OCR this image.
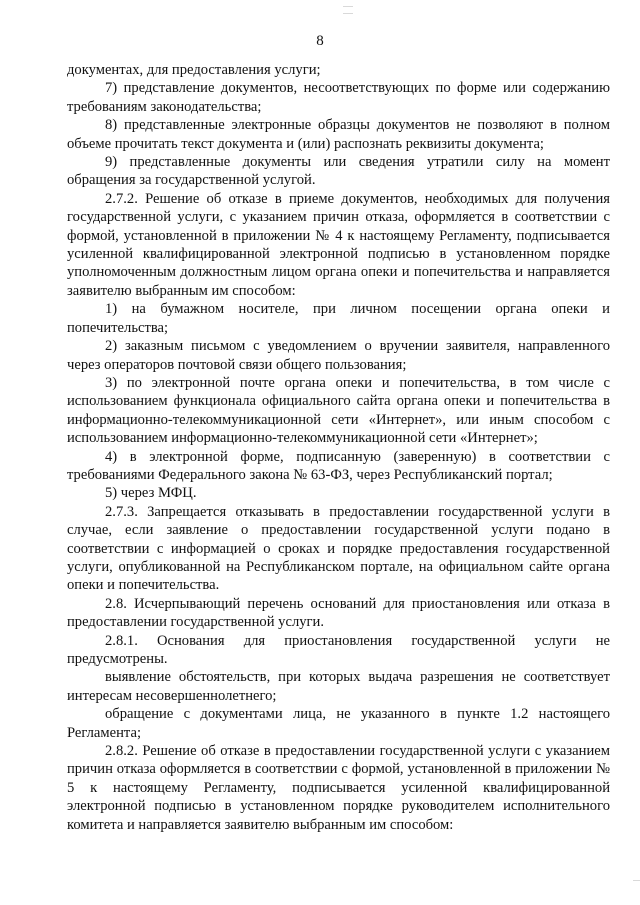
8

документах, для предоставления услуги;

7) представление документов, несоответствующих по форме или содержанию требованиям законодательства;

8) представленные электронные образцы документов не позволяют в полном объеме прочитать текст документа и (или) распознать реквизиты документа;

9) представленные документы или сведения утратили силу на момент обращения за государственной услугой.

2.7.2. Решение об отказе в приеме документов, необходимых для получения государственной услуги, с указанием причин отказа, оформляется в соответствии с формой, установленной в приложении № 4 к настоящему Регламенту, подписывается усиленной квалифицированной электронной подписью в установленном порядке уполномоченным должностным лицом органа опеки и попечительства и направляется заявителю выбранным им способом:

1) на бумажном носителе, при личном посещении органа опеки и попечительства;

2) заказным письмом с уведомлением о вручении заявителя, направленного через операторов почтовой связи общего пользования;

3) по электронной почте органа опеки и попечительства, в том числе с использованием функционала официального сайта органа опеки и попечительства в информационно-телекоммуникационной сети «Интернет», или иным способом с использованием информационно-телекоммуникационной сети «Интернет»;

4) в электронной форме, подписанную (заверенную) в соответствии с требованиями Федерального закона № 63-ФЗ, через Республиканский портал;

5) через МФЦ.

2.7.3. Запрещается отказывать в предоставлении государственной услуги в случае, если заявление о предоставлении государственной услуги подано в соответствии с информацией о сроках и порядке предоставления государственной услуги, опубликованной на Республиканском портале, на официальном сайте органа опеки и попечительства.

2.8. Исчерпывающий перечень оснований для приостановления или отказа в предоставлении государственной услуги.

2.8.1. Основания для приостановления государственной услуги не предусмотрены.

выявление обстоятельств, при которых выдача разрешения не соответствует интересам несовершеннолетнего;

обращение с документами лица, не указанного в пункте 1.2 настоящего Регламента;

2.8.2. Решение об отказе в предоставлении государственной услуги с указанием причин отказа оформляется в соответствии с формой, установленной в приложении № 5 к настоящему Регламенту, подписывается усиленной квалифицированной электронной подписью в установленном порядке руководителем исполнительного комитета и направляется заявителю выбранным им способом:
